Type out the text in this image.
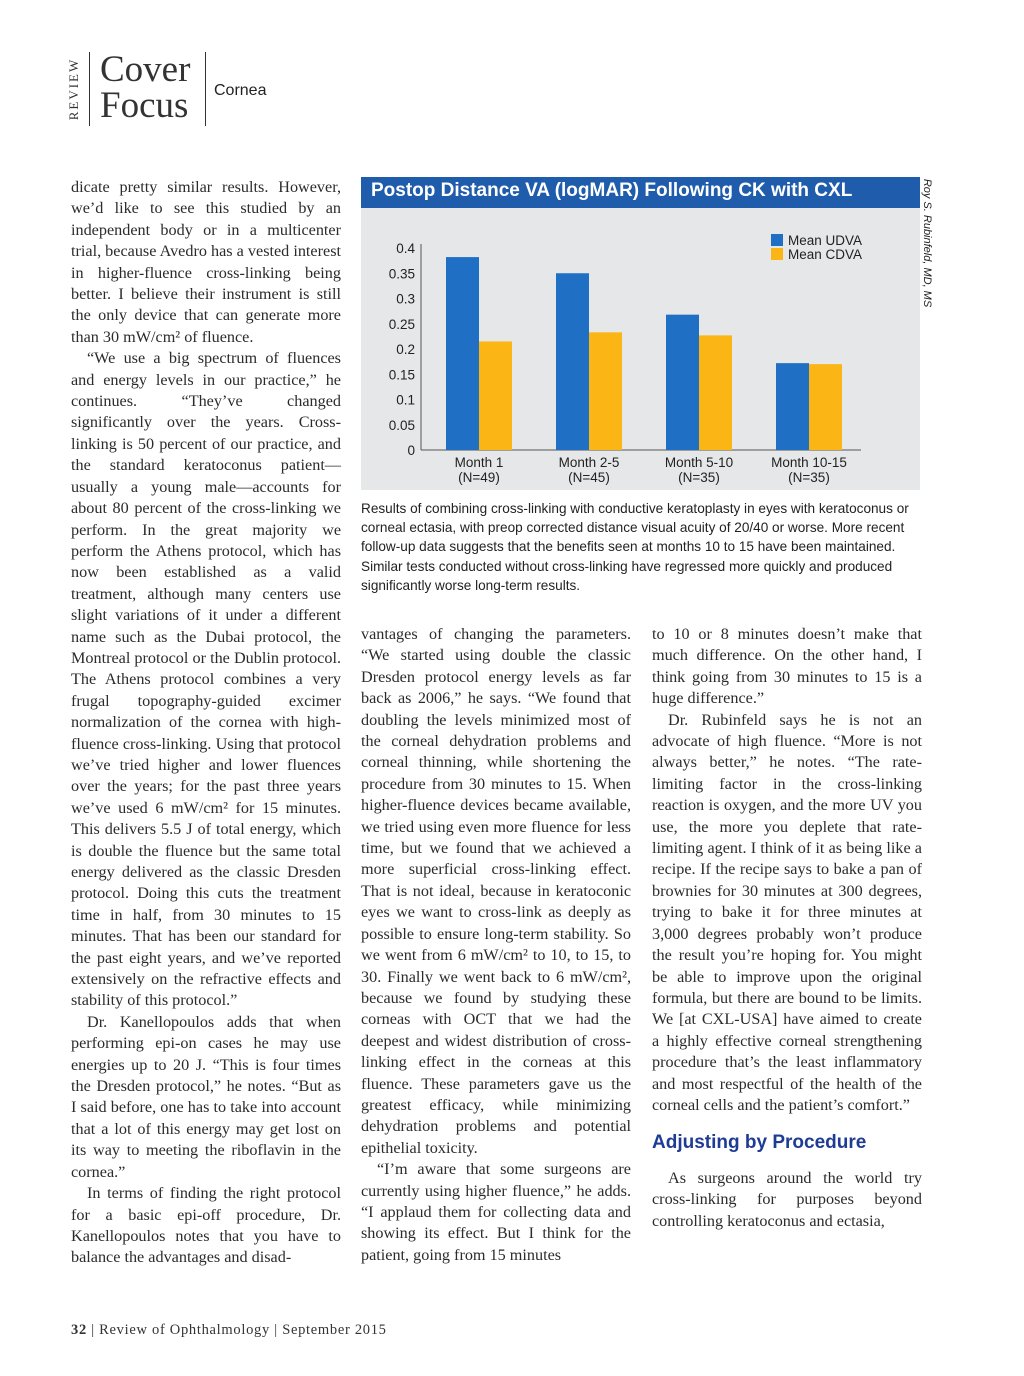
REVIEW Cover
Focus Cornea

dicate pretty similar results. However, we’d like to see this studied by an independent body or in a multicenter trial, because Avedro has a vested interest in higher-fluence cross-linking being better. I believe their instrument is still the only device that can generate more than 30 mW/cm² of fluence.

“We use a big spectrum of fluences and energy levels in our practice,” he continues. “They’ve changed significantly over the years. Cross-linking is 50 percent of our practice, and the standard keratoconus patient—usually a young male—accounts for about 80 percent of the cross-linking we perform. In the great majority we perform the Athens protocol, which has now been established as a valid treatment, although many centers use slight variations of it under a different name such as the Dubai protocol, the Montreal protocol or the Dublin protocol. The Athens protocol combines a very frugal topography-guided excimer normalization of the cornea with high-fluence cross-linking. Using that protocol we’ve tried higher and lower fluences over the years; for the past three years we’ve used 6 mW/cm² for 15 minutes. This delivers 5.5 J of total energy, which is double the fluence but the same total energy delivered as the classic Dresden protocol. Doing this cuts the treatment time in half, from 30 minutes to 15 minutes. That has been our standard for the past eight years, and we’ve reported extensively on the refractive effects and stability of this protocol.”

Dr. Kanellopoulos adds that when performing epi-on cases he may use energies up to 20 J. “This is four times the Dresden protocol,” he notes. “But as I said before, one has to take into account that a lot of this energy may get lost on its way to meeting the riboflavin in the cornea.”

In terms of finding the right protocol for a basic epi-off procedure, Dr. Kanellopoulos notes that you have to balance the advantages and disad-

Postop Distance VA (logMAR) Following CK with CXL
0
0.05
0.1
0.15
0.2
0.25
0.3
0.35
0.4
Month 1
(N=49)
Month 2-5
(N=45)
Month 5-10
(N=35)
Month 10-15
(N=35)
Mean UDVA
Mean CDVA	Roy S. Rubinfeld, MD, MS
Results of combining cross-linking with conductive keratoplasty in eyes with keratoconus or corneal ectasia, with preop corrected distance visual acuity of 20/40 or worse. More recent follow-up data suggests that the benefits seen at months 10 to 15 have been maintained. Similar tests conducted without cross-linking have regressed more quickly and produced significantly worse long-term results.

vantages of changing the parameters. “We started using double the classic Dresden protocol energy levels as far back as 2006,” he says. “We found that doubling the levels minimized most of the corneal dehydration problems and corneal thinning, while shortening the procedure from 30 minutes to 15. When higher-fluence devices became available, we tried using even more fluence for less time, but we found that we achieved a more superficial cross-linking effect. That is not ideal, because in keratoconic eyes we want to cross-link as deeply as possible to ensure long-term stability. So we went from 6 mW/cm² to 10, to 15, to 30. Finally we went back to 6 mW/cm², because we found by studying these corneas with OCT that we had the deepest and widest distribution of cross-linking effect in the corneas at this fluence. These parameters gave us the greatest efficacy, while minimizing dehydration problems and potential epithelial toxicity.

“I’m aware that some surgeons are currently using higher fluence,” he adds. “I applaud them for collecting data and showing its effect. But I think for the patient, going from 15 minutes

to 10 or 8 minutes doesn’t make that much difference. On the other hand, I think going from 30 minutes to 15 is a huge difference.”

Dr. Rubinfeld says he is not an advocate of high fluence. “More is not always better,” he notes. “The rate-limiting factor in the cross-linking reaction is oxygen, and the more UV you use, the more you deplete that rate-limiting agent. I think of it as being like a recipe. If the recipe says to bake a pan of brownies for 30 minutes at 300 degrees, trying to bake it for three minutes at 3,000 degrees probably won’t produce the result you’re hoping for. You might be able to improve upon the original formula, but there are bound to be limits. We [at CXL-USA] have aimed to create a highly effective corneal strengthening procedure that’s the least inflammatory and most respectful of the health of the corneal cells and the patient’s comfort.”

Adjusting by Procedure

As surgeons around the world try cross-linking for purposes beyond controlling keratoconus and ectasia,

32 | Review of Ophthalmology | September 2015
